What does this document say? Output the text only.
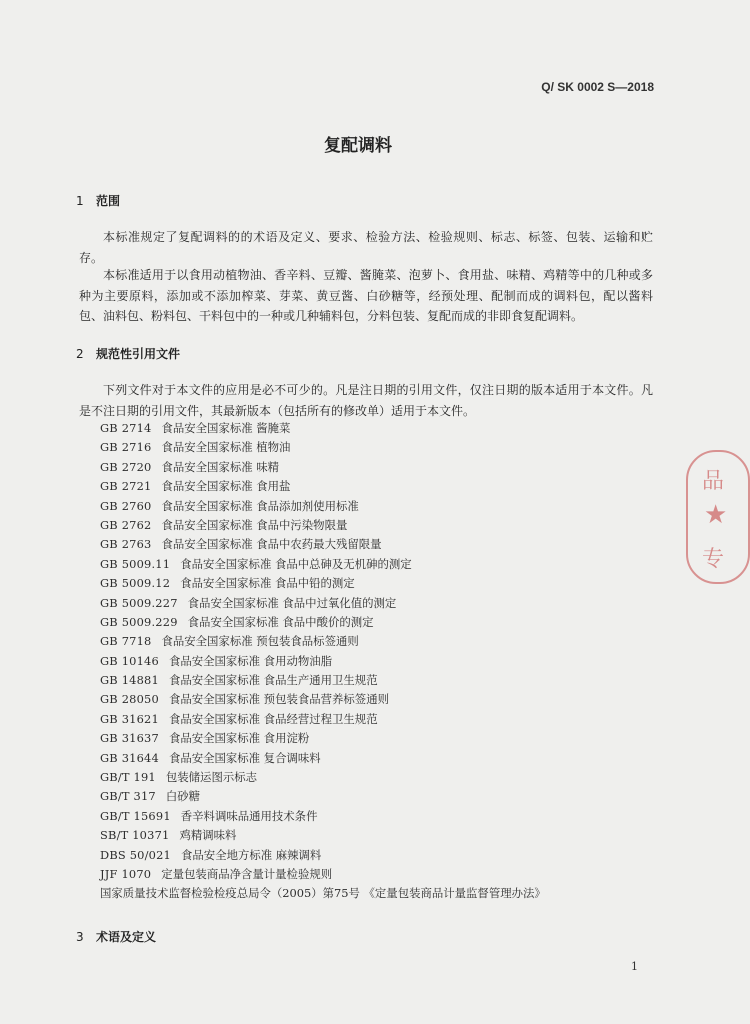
Q/ SK 0002 S—2018
复配调料
1 范围
本标准规定了复配调料的的术语及定义、要求、检验方法、检验规则、标志、标签、包装、运输和贮存。
本标准适用于以食用动植物油、香辛料、豆瓣、酱腌菜、泡萝卜、食用盐、味精、鸡精等中的几种或多种为主要原料，添加或不添加榨菜、芽菜、黄豆酱、白砂糖等，经预处理、配制而成的调料包，配以酱料包、油料包、粉料包、干料包中的一种或几种辅料包，分料包装、复配而成的非即食复配调料。
2 规范性引用文件
下列文件对于本文件的应用是必不可少的。凡是注日期的引用文件，仅注日期的版本适用于本文件。凡是不注日期的引用文件，其最新版本（包括所有的修改单）适用于本文件。
GB 2714 食品安全国家标准 酱腌菜
GB 2716 食品安全国家标准 植物油
GB 2720 食品安全国家标准 味精
GB 2721 食品安全国家标准 食用盐
GB 2760 食品安全国家标准 食品添加剂使用标准
GB 2762 食品安全国家标准 食品中污染物限量
GB 2763 食品安全国家标准 食品中农药最大残留限量
GB 5009.11 食品安全国家标准 食品中总砷及无机砷的测定
GB 5009.12 食品安全国家标准 食品中铅的测定
GB 5009.227 食品安全国家标准 食品中过氧化值的测定
GB 5009.229 食品安全国家标准 食品中酸价的测定
GB 7718 食品安全国家标准 预包装食品标签通则
GB 10146 食品安全国家标准 食用动物油脂
GB 14881 食品安全国家标准 食品生产通用卫生规范
GB 28050 食品安全国家标准 预包装食品营养标签通则
GB 31621 食品安全国家标准 食品经营过程卫生规范
GB 31637 食品安全国家标准 食用淀粉
GB 31644 食品安全国家标准 复合调味料
GB/T 191 包装储运图示标志
GB/T 317 白砂糖
GB/T 15691 香辛料调味品通用技术条件
SB/T 10371 鸡精调味料
DBS 50/021 食品安全地方标准 麻辣调料
JJF 1070 定量包装商品净含量计量检验规则
国家质量技术监督检验检疫总局令（2005）第75号 《定量包装商品计量监督管理办法》
3 术语及定义
1
品
★
专
